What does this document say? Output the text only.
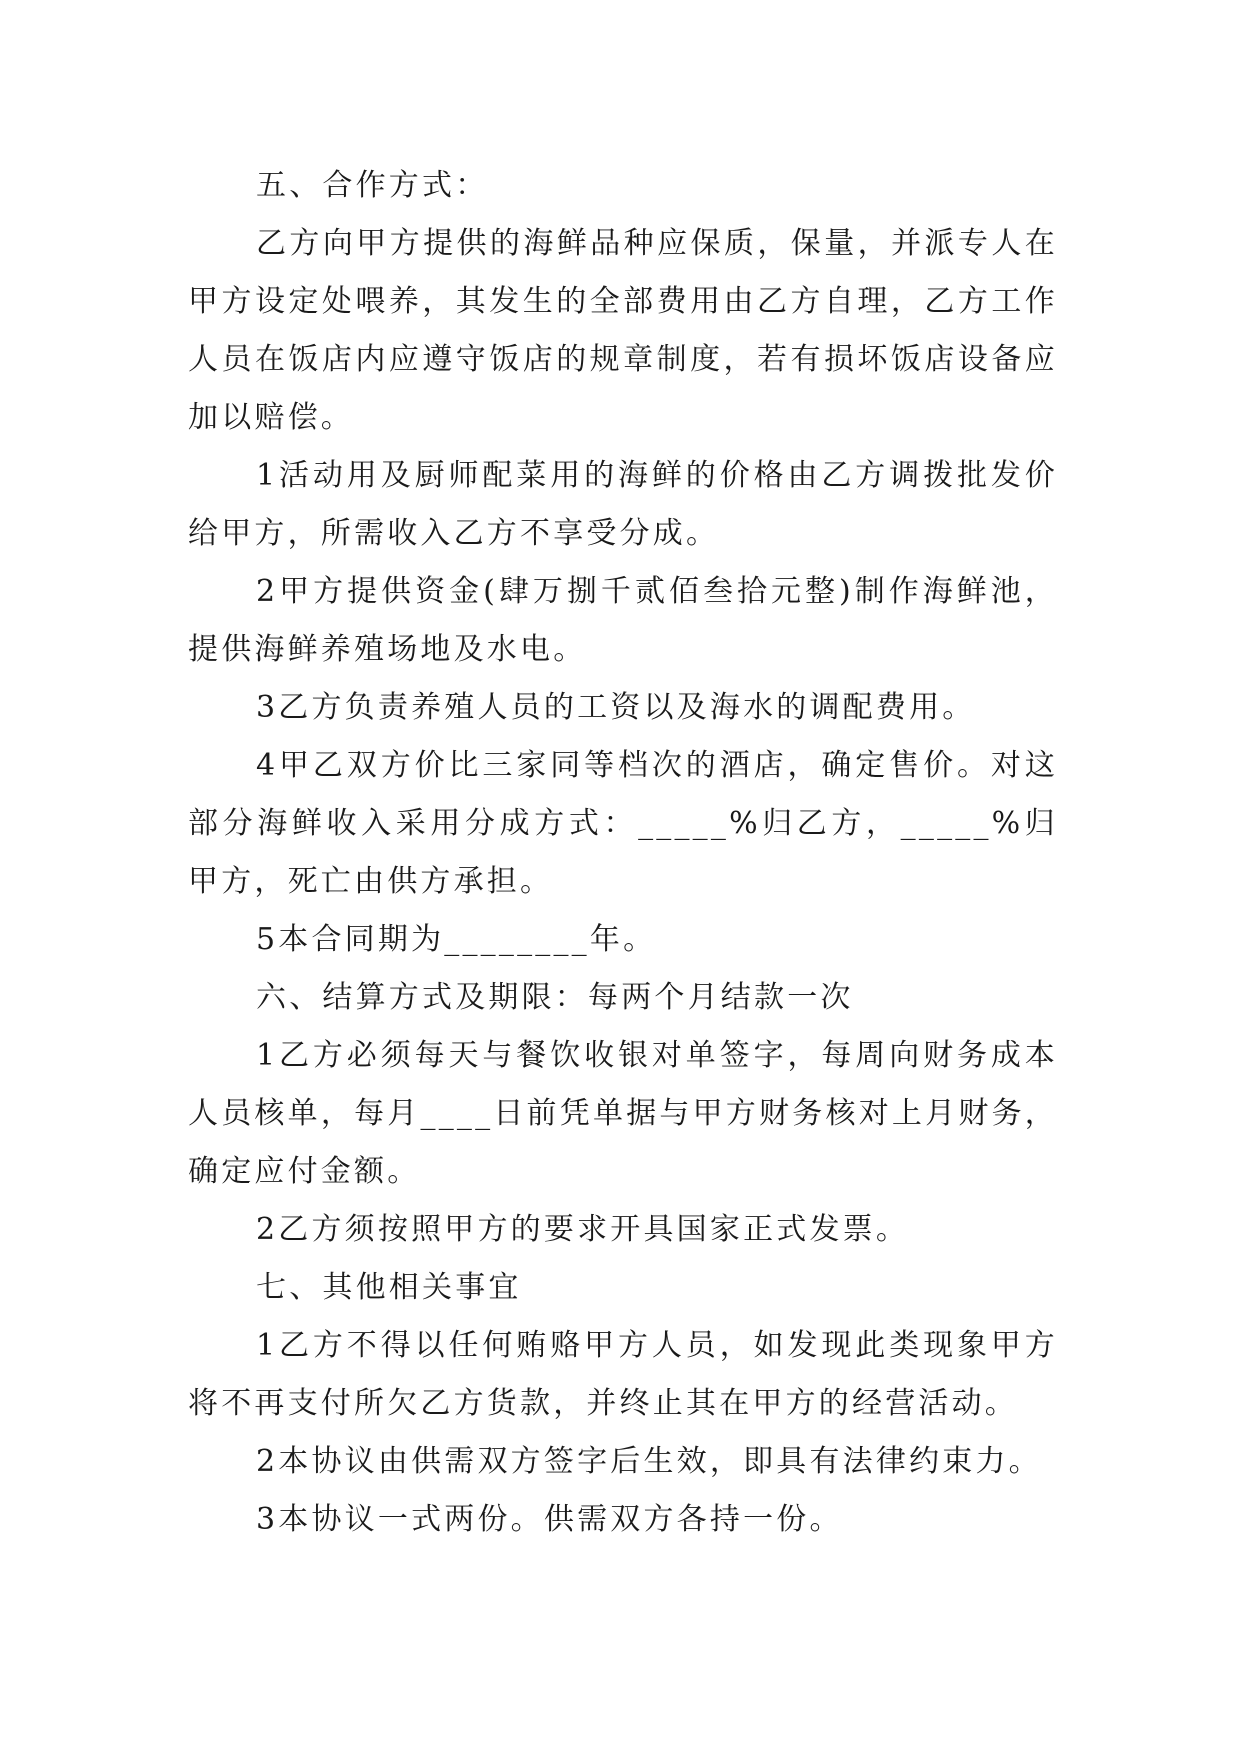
五、合作方式：

乙方向甲方提供的海鲜品种应保质，保量，并派专人在甲方设定处喂养，其发生的全部费用由乙方自理，乙方工作人员在饭店内应遵守饭店的规章制度，若有损坏饭店设备应加以赔偿。

1活动用及厨师配菜用的海鲜的价格由乙方调拨批发价给甲方，所需收入乙方不享受分成。

2甲方提供资金(肆万捌千贰佰叁拾元整)制作海鲜池，提供海鲜养殖场地及水电。

3乙方负责养殖人员的工资以及海水的调配费用。

4甲乙双方价比三家同等档次的酒店，确定售价。对这部分海鲜收入采用分成方式：_____%归乙方，_____%归甲方，死亡由供方承担。

5本合同期为________年。

六、结算方式及期限：每两个月结款一次

1乙方必须每天与餐饮收银对单签字，每周向财务成本人员核单，每月____日前凭单据与甲方财务核对上月财务，确定应付金额。

2乙方须按照甲方的要求开具国家正式发票。

七、其他相关事宜

1乙方不得以任何贿赂甲方人员，如发现此类现象甲方将不再支付所欠乙方货款，并终止其在甲方的经营活动。

2本协议由供需双方签字后生效，即具有法律约束力。

3本协议一式两份。供需双方各持一份。
